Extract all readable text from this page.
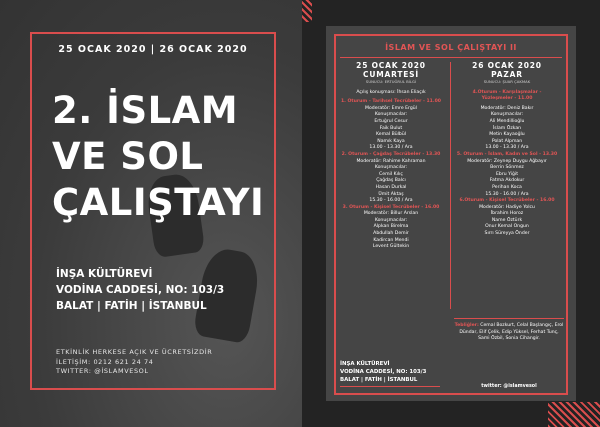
25 OCAK 2020 | 26 OCAK 2020
2. İSLAM
VE SOL
ÇALIŞTAYI
İNŞA KÜLTÜREVİ
VODİNA CADDESİ, NO: 103/3
BALAT | FATİH | İSTANBUL
ETKİNLİK HERKESE AÇIK VE ÜCRETSİZDİR
İLETİŞİM: 0212 621 24 74
TWITTER: @İSLAMVESOL
İSLAM VE SOL ÇALIŞTAYI II
25 OCAK 2020
CUMARTESİ
SUNUCU: ERTUĞRUL BİLGİ
Açılış konuşması: İhsan Eliaçık
1. Oturum - Tarihsel Tecrübeler - 11.00
Moderatör: Emre Ergül
Konuşmacılar:
Ertuğrul Cesur
Faik Bulut
Kemal Bülbül
Namık Kaya
13.00 - 13.30 / Ara
2. Oturum - Çağdaş Tecrübeler - 13.30
Moderatör: Rahime Kahraman
Konuşmacılar:
Cemil Kılıç
Çağdaş Balcı
Hasan Durkal
Ümit Aktaş
15.30 - 16.00 / Ara
3. Oturum - Kişisel Tecrübeler - 16.00
Moderatör: Billur Arslan
Konuşmacılar:
Alpkan Birelma
Abdullah Demir
Kadircan Mendi
Levent Gültekin
26 OCAK 2020
PAZAR
SUNUCU: ŞUAR ÇAKMAK
4.Oturum - Karşılaşmalar -
Yüzleşmeler - 11.00
Moderatör: Deniz Bakır
Konuşmacılar:
Ali Mendillioğlu
İslam Özkan
Metin Kayaoğlu
Polat Alpman
13.00 - 13.30 / Ara
5. Oturum - İslam, Kadın ve Sol - 13.30
Moderatör: Zeynep Duygu Ağbayır
Berrin Sönmez
Ebru Yiğit
Fatma Akdokur
Perihan Koca
15.30 - 16.00 / Ara
6.Oturum - Kişisel Tecrübeler - 16.00
Moderatör: Hadiye Yolcu
İbrahim Horoz
Name Öztürk
Onur Kemal Ongun
Sırrı Süreyya Önder
Tebliğler: Cemal Bozkurt, Celal Başlangıç, Erol Dündar, Elif Çelik, Edip Yüksel, Ferhat Tunç, Sami Özbil, Sonia Cihangir.
İNŞA KÜLTÜREVİ
VODİNA CADDESİ, NO: 103/3
BALAT | FATİH | İSTANBUL
twitter: @islamvesol
